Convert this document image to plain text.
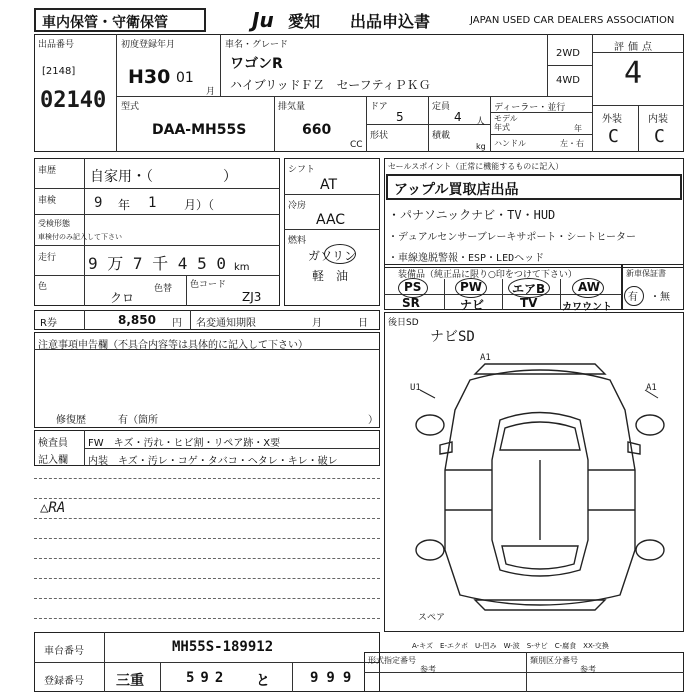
車内保管・守衛保管	Ju 愛知 出品申込書	JAPAN USED CAR DEALERS ASSOCIATION
出品番号
[2148]
02140
初度登録年月
H30 01
月
車名・グレード
ワゴンR
ハイブリッドＦＺ　セーフティＰＫＧ
2WD
4WD
評価点
4
外装	内装
C C
型式
DAA-MH55S
排気量
660
CC
ドア
5
定員
4 人
形状	積載
kg
ディーラー・並行
モデル
年式	年
ハンドル	左・右
車歴 自家用・（　　　　　）
車検	9 年 1 月）（
受検形態
車検付のみ記入して下さい
走行 9 万 7 千 4 5 0 km
色
クロ
色替 色コード
ZJ3
シフト
AT
冷房
AAC
燃料
ガソリン
軽　油
セールスポイント（正常に機能するものに記入）
アップル買取店出品
・パナソニックナビ・TV・HUD
・デュアルセンサーブレーキサポート・シートヒーター
・車線逸脱警報・ESP・LEDヘッド
装備品（純正品に限り○印をつけて下さい）
PS	PW エアB	AW
SR	ナビ	TV カワウント
新車保証書
有 ・無
R券	8,850 円 名変通知期限	月	日
注意事項申告欄（不具合内容等は具体的に記入して下さい）
修復歴	有（箇所	）
検査員
記入欄
FW　キズ・汚れ・ヒビ割・リペア跡・X要
内装 キズ・汚レ・コゲ・タバコ・ヘタレ・キレ・破レ
△RA
後日SD
ナビSD
A1
U1	A1
スペア
A-キズ　E-エクボ　U-凹み　W-波　S-サビ　C-腐食　XX-交換
車台番号	MH55S-189912
登録番号 三重	592 と	999
形式指定番号
参考
類別区分番号
参考
